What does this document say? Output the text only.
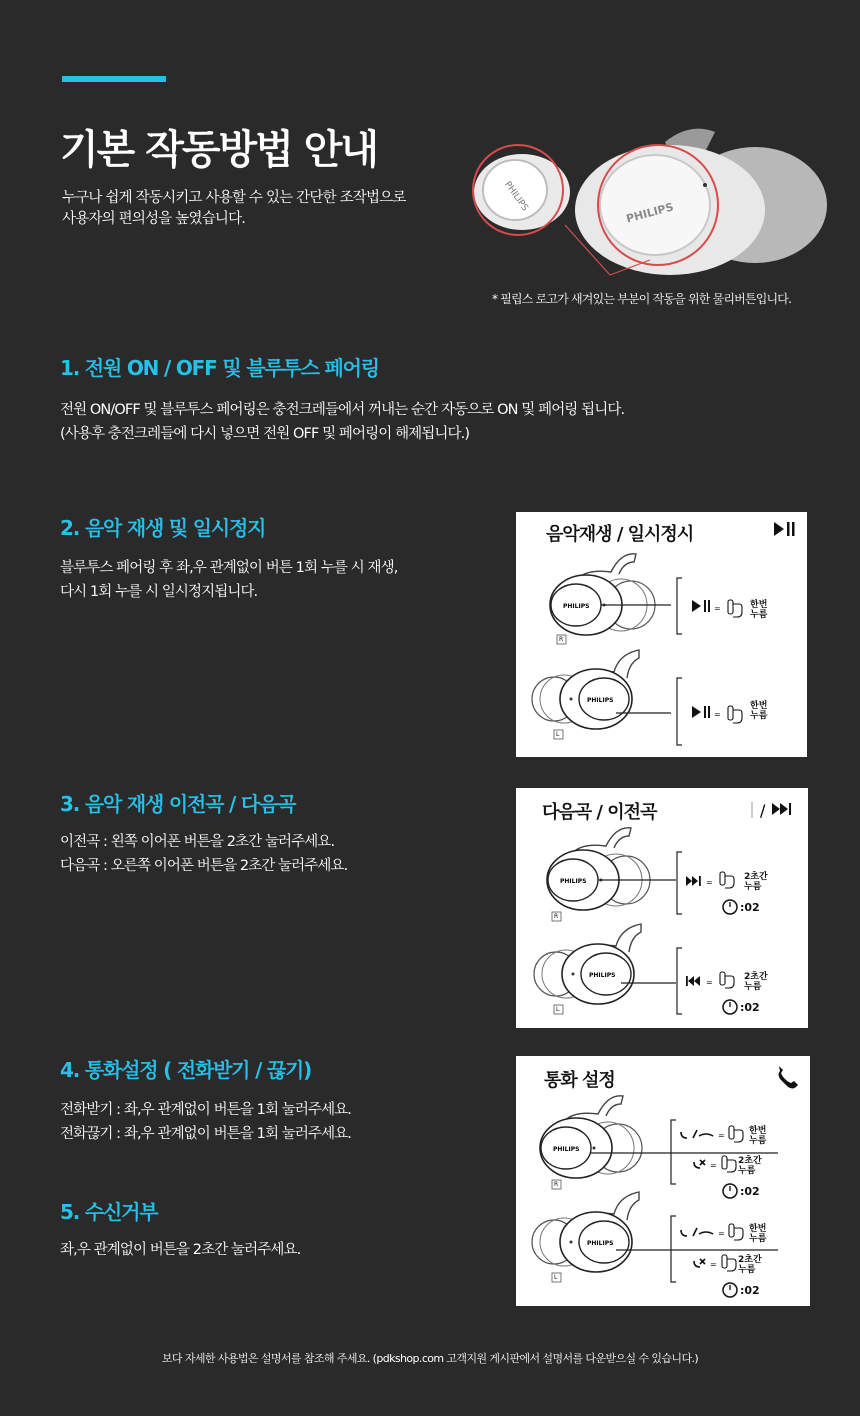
기본 작동방법 안내
누구나 쉽게 작동시키고 사용할 수 있는 간단한 조작법으로
사용자의 편의성을 높였습니다.
PHILIPS	PHILIPS
* 필립스 로고가 새겨있는 부분이 작동을 위한 물리버튼입니다.
1. 전원 ON / OFF 및 블루투스 페어링
전원 ON/OFF 및 블루투스 페어링은 충전크레들에서 꺼내는 순간 자동으로 ON 및 페어링 됩니다.
(사용후 충전크레들에 다시 넣으면 전원 OFF 및 페어링이 해제됩니다.)
2. 음악 재생 및 일시정지
블루투스 페어링 후 좌,우 관계없이 버튼 1회 누를 시 재생,
다시 1회 누를 시 일시정지됩니다.
3. 음악 재생 이전곡 / 다음곡
이전곡 : 왼쪽 이어폰 버튼을 2초간 눌러주세요.
다음곡 : 오른쪽 이어폰 버튼을 2초간 눌러주세요.
4. 통화설정 ( 전화받기 / 끊기)
전화받기 : 좌,우 관계없이 버튼을 1회 눌러주세요.
전화끊기 : 좌,우 관계없이 버튼을 1회 눌러주세요.
5. 수신거부
좌,우 관계없이 버튼을 2초간 눌러주세요.
음악재생 / 일시정시
PHILIPS	=
PHILIPS
=
R
L
한번
누름
한번
누름
다음곡 / 이전곡	/
PHILIPS	=
PHILIPS
=
R
L
2초간
누름
:02
2초간
누름
:02
통화 설정
PHILIPS
=
=
PHILIPS
=
=
R
L
한번
누름
2초간
누름
:02
한번
누름
2초간
누름
:02
보다 자세한 사용법은 설명서를 참조해 주세요. (pdkshop.com 고객지원 게시판에서 설명서를 다운받으실 수 있습니다.)
